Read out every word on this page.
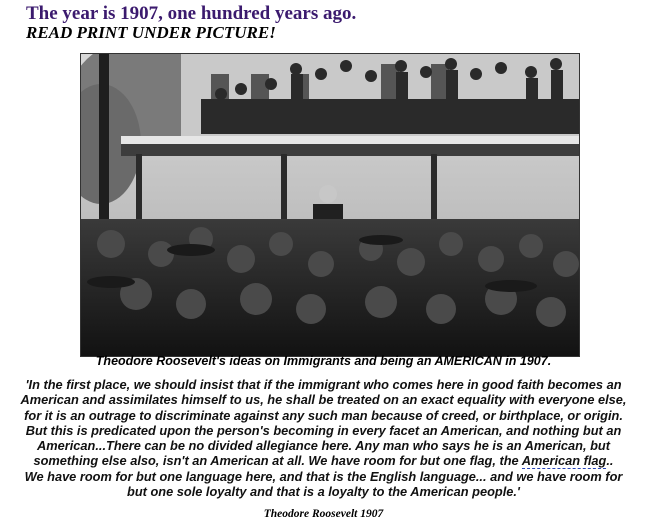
The year is 1907, one hundred years ago.
READ PRINT UNDER PICTURE!
Theodore Roosevelt's ideas on Immigrants and being an AMERICAN in 1907.
'In the first place, we should insist that if the immigrant who comes here in good faith becomes an
American and assimilates himself to us, he shall be treated on an exact equality with everyone else,
for it is an outrage to discriminate against any such man because of creed, or birthplace, or origin.
But this is predicated upon the person's becoming in every facet an American, and nothing but an
American...There can be no divided allegiance here. Any man who says he is an American, but
something else also, isn't an American at all. We have room for but one flag, the American flag..
We have room for but one language here, and that is the English language... and we have room for
but one sole loyalty and that is a loyalty to the American people.'
Theodore Roosevelt 1907
